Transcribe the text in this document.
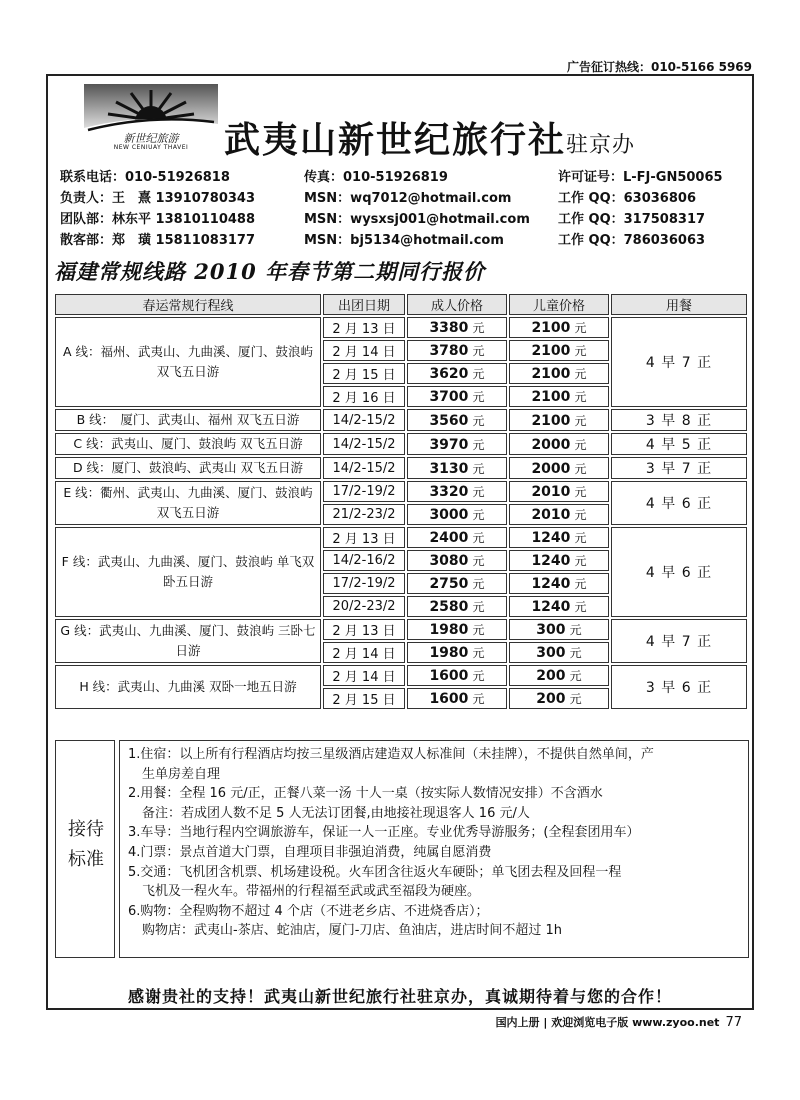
广告征订热线：010-5166 5969
新世纪旅游
NEW CENIUAY THAVEI 武夷山新世纪旅行社驻京办
联系电话：010-51926818	传真：010-51926819	许可证号：L-FJ-GN50065
负责人：王　熹 13910780343	MSN：wq7012@hotmail.com	工作 QQ：63036806
团队部：林东平 13810110488	MSN：wysxsj001@hotmail.com 工作 QQ：317508317
散客部：郑　璜 15811083177	MSN：bj5134@hotmail.com	工作 QQ：786036063
福建常规线路 2010 年春节第二期同行报价
春运常规行程线	出团日期	成人价格	儿童价格	用餐
A 线：福州、武夷山、九曲溪、厦门、鼓浪屿　双飞五日游	2 月 13 日	3380 元	2100 元	4 早 7 正
	2 月 14 日	3780 元	2100 元	
	2 月 15 日	3620 元	2100 元	
	2 月 16 日	3700 元	2100 元	
B 线：　厦门、武夷山、福州 双飞五日游	14/2-15/2	3560 元	2100 元	3 早 8 正
C 线：武夷山、厦门、鼓浪屿 双飞五日游	14/2-15/2	3970 元	2000 元	4 早 5 正
D 线：厦门、鼓浪屿、武夷山 双飞五日游	14/2-15/2	3130 元	2000 元	3 早 7 正
E 线：衢州、武夷山、九曲溪、厦门、鼓浪屿双飞五日游	17/2-19/2	3320 元	2010 元	4 早 6 正
	21/2-23/2	3000 元	2010 元	
F 线：武夷山、九曲溪、厦门、鼓浪屿 单飞双卧五日游	2 月 13 日	2400 元	1240 元	4 早 6 正
	14/2-16/2	3080 元	1240 元	
	17/2-19/2	2750 元	1240 元	
	20/2-23/2	2580 元	1240 元	
G 线：武夷山、九曲溪、厦门、鼓浪屿 三卧七日游	2 月 13 日	1980 元	300 元	4 早 7 正
	2 月 14 日	1980 元	300 元	
H 线：武夷山、九曲溪 双卧一地五日游	2 月 14 日	1600 元	200 元	3 早 6 正
	2 月 15 日	1600 元	200 元	
接待
标准

1.住宿：以上所有行程酒店均按三星级酒店建造双人标准间（未挂牌），不提供自然单间，产

生单房差自理

2.用餐：全程 16 元/正，正餐八菜一汤 十人一桌（按实际人数情况安排）不含酒水

备注：若成团人数不足 5 人无法订团餐,由地接社现退客人 16 元/人

3.车导：当地行程内空调旅游车，保证一人一正座。专业优秀导游服务；(全程套团用车）

4.门票：景点首道大门票，自理项目非强迫消费，纯属自愿消费

5.交通：飞机团含机票、机场建设税。火车团含往返火车硬卧；单飞团去程及回程一程

飞机及一程火车。带福州的行程福至武或武至福段为硬座。

6.购物：全程购物不超过 4 个店（不进老乡店、不进烧香店）；

购物店：武夷山-茶店、蛇油店，厦门-刀店、鱼油店，进店时间不超过 1h

感谢贵社的支持！武夷山新世纪旅行社驻京办，真诚期待着与您的合作！
国内上册 | 欢迎浏览电子版 www.zyoo.net 77
